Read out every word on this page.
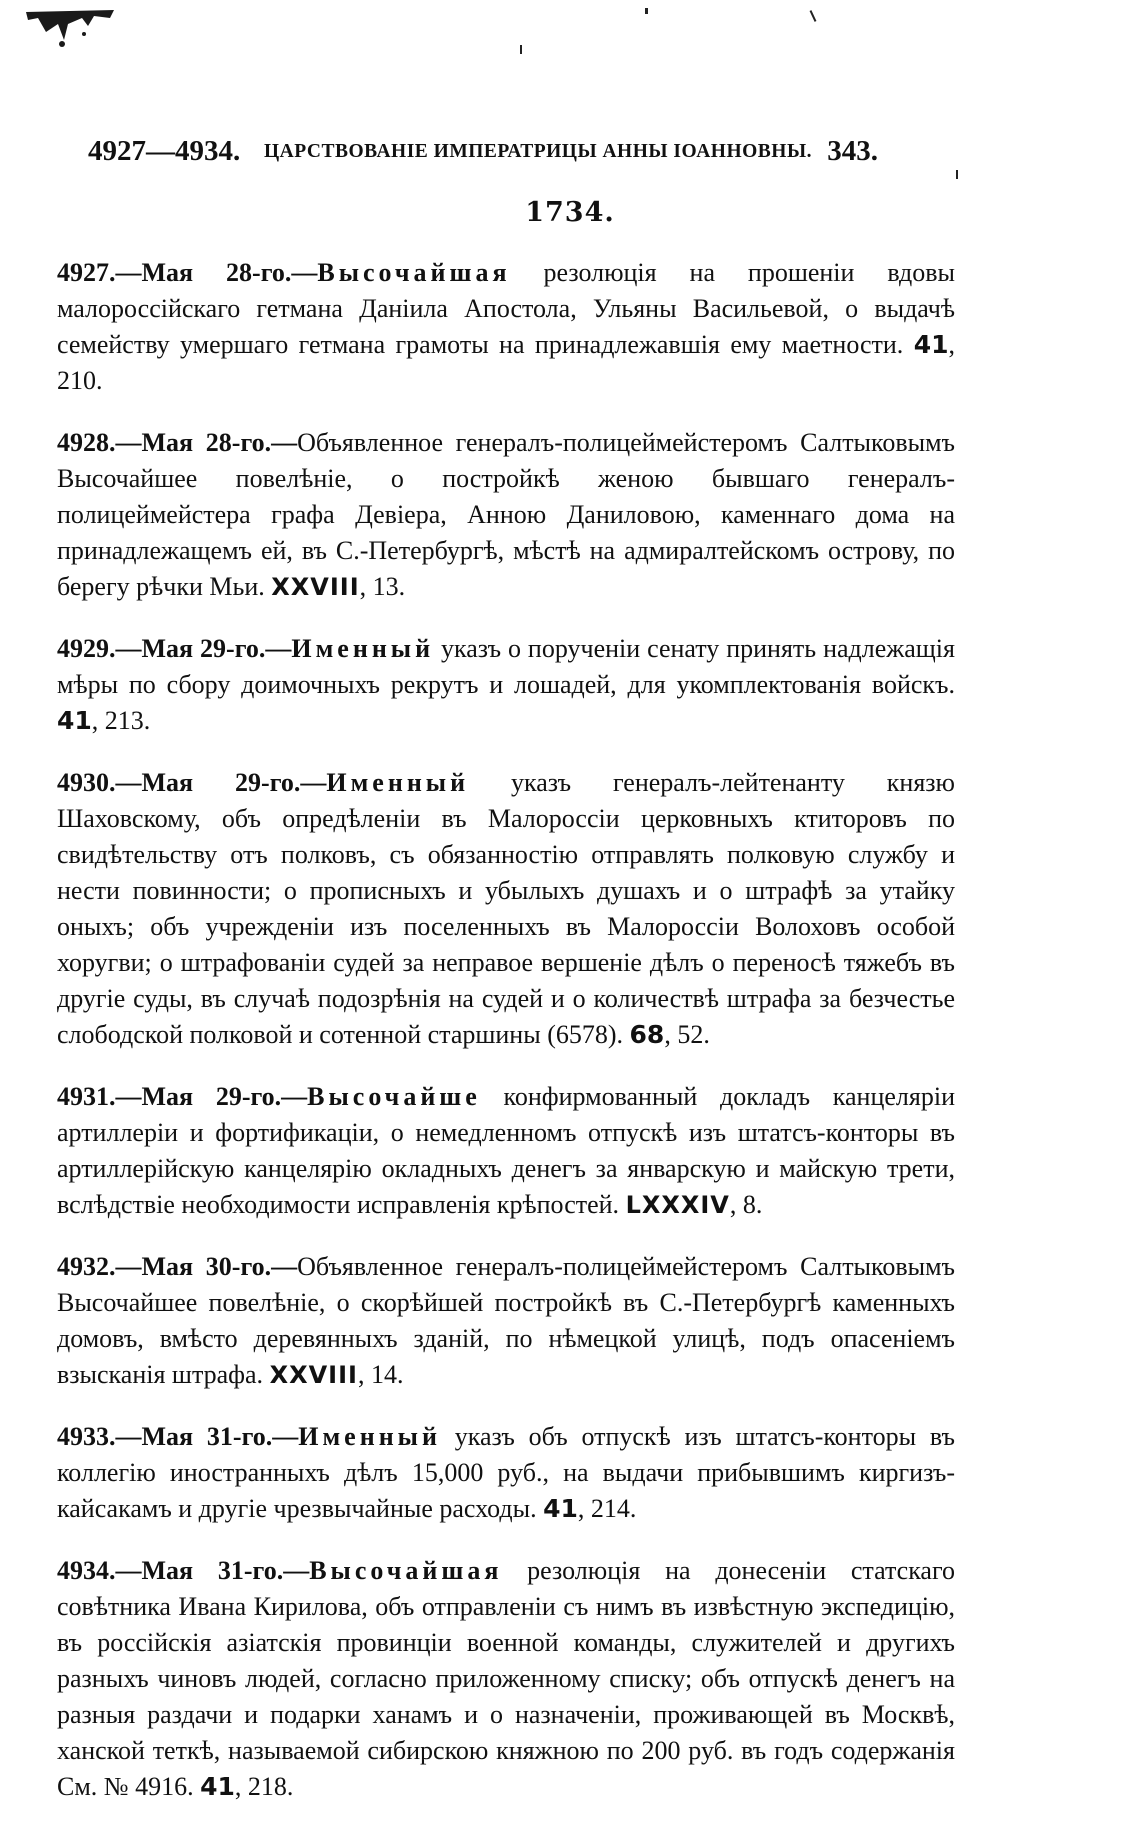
4927—4934. ЦАРСТВОВАНІЕ ИМПЕРАТРИЦЫ АННЫ ІОАННОВНЫ. 343.
1734.

4927.—Мая 28-го.—Высочайшая резолюція на прошеніи вдовы малороссійскаго гетмана Даніила Апостола, Ульяны Васильевой, о выдачѣ семейству умершаго гетмана грамоты на принадлежавшія ему маетности. 41, 210.

4928.—Мая 28-го.—Объявленное генералъ-полицеймейстеромъ Салтыковымъ Высочайшее повелѣніе, о постройкѣ женою бывшаго генералъ-полицеймейстера графа Девіера, Анною Даниловою, каменнаго дома на принадлежащемъ ей, въ С.-Петербургѣ, мѣстѣ на адмиралтейскомъ острову, по берегу рѣчки Мьи. XXVIII, 13.

4929.—Мая 29-го.—Именный указъ о порученіи сенату принять надлежащія мѣры по сбору доимочныхъ рекрутъ и лошадей, для укомплектованія войскъ. 41, 213.

4930.—Мая 29-го.—Именный указъ генералъ-лейтенанту князю Шаховскому, объ опредѣленіи въ Малороссіи церковныхъ ктиторовъ по свидѣтельству отъ полковъ, съ обязанностію отправлять полковую службу и нести повинности; о прописныхъ и убылыхъ душахъ и о штрафѣ за утайку оныхъ; объ учрежденіи изъ поселенныхъ въ Малороссіи Волоховъ особой хоругви; о штрафованіи судей за неправое вершеніе дѣлъ о переносѣ тяжебъ въ другіе суды, въ случаѣ подозрѣнія на судей и о количествѣ штрафа за безчестье слободской полковой и сотенной старшины (6578). 68, 52.

4931.—Мая 29-го.—Высочайше конфирмованный докладъ канцеляріи артиллеріи и фортификаціи, о немедленномъ отпускѣ изъ штатсъ-конторы въ артиллерійскую канцелярію окладныхъ денегъ за январскую и майскую трети, вслѣдствіе необходимости исправленія крѣпостей. LXXXIV, 8.

4932.—Мая 30-го.—Объявленное генералъ-полицеймейстеромъ Салтыковымъ Высочайшее повелѣніе, о скорѣйшей постройкѣ въ С.-Петербургѣ каменныхъ домовъ, вмѣсто деревянныхъ зданій, по нѣмецкой улицѣ, подъ опасеніемъ взысканія штрафа. XXVIII, 14.

4933.—Мая 31-го.—Именный указъ объ отпускѣ изъ штатсъ-конторы въ коллегію иностранныхъ дѣлъ 15,000 руб., на выдачи прибывшимъ киргизъ-кайсакамъ и другіе чрезвычайные расходы. 41, 214.

4934.—Мая 31-го.—Высочайшая резолюція на донесеніи статскаго совѣтника Ивана Кирилова, объ отправленіи съ нимъ въ извѣстную экспедицію, въ россійскія азіатскія провинціи военной команды, служителей и другихъ разныхъ чиновъ людей, согласно приложенному списку; объ отпускѣ денегъ на разныя раздачи и подарки ханамъ и о назначеніи, проживающей въ Москвѣ, ханской теткѣ, называемой сибирскою княжною по 200 руб. въ годъ содержанія См. № 4916. 41, 218.
